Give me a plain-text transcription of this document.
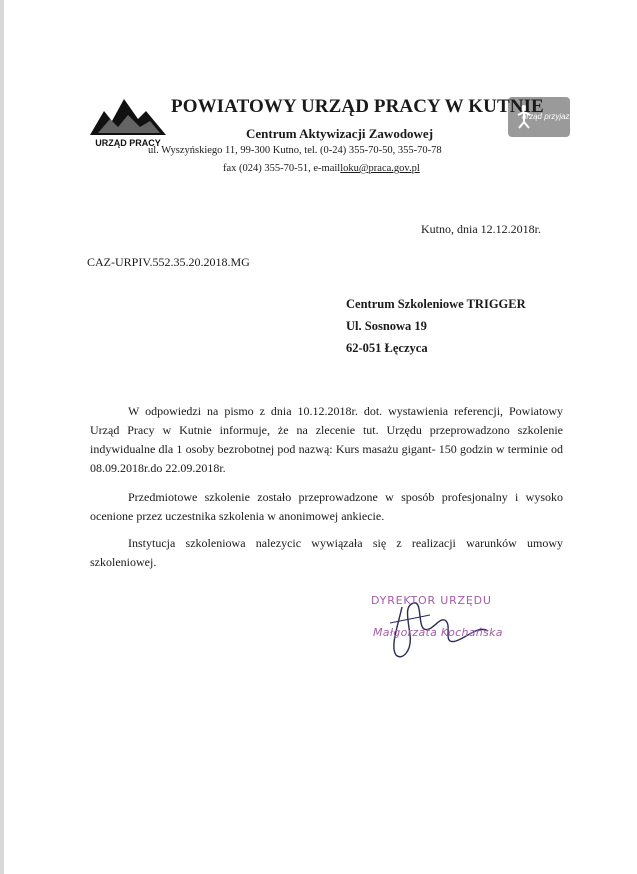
URZĄD PRACY
urząd przyjazny
POWIATOWY URZĄD PRACY W KUTNIE
Centrum Aktywizacji Zawodowej
ul. Wyszyńskiego 11, 99-300 Kutno, tel. (0-24) 355-70-50, 355-70-78
fax (024) 355-70-51, e-mailloku@praca.gov.pl
Kutno, dnia 12.12.2018r.
CAZ-URPIV.552.35.20.2018.MG
Centrum Szkoleniowe TRIGGER
Ul. Sosnowa 19
62-051 Łęczyca
W odpowiedzi na pismo z dnia 10.12.2018r. dot. wystawienia referencji, Powiatowy Urząd Pracy w Kutnie informuje, że na zlecenie tut. Urzędu przeprowadzono szkolenie indywidualne dla 1 osoby bezrobotnej pod nazwą: Kurs masażu gigant- 150 godzin w terminie od 08.09.2018r.do 22.09.2018r.
Przedmiotowe szkolenie zostało przeprowadzone w sposób profesjonalny i wysoko ocenione przez uczestnika szkolenia w anonimowej ankiecie.
Instytucja szkoleniowa nalezycic wywiązała się z realizacji warunków umowy szkoleniowej.
DYREKTOR URZĘDU
Małgorzata Kochańska
